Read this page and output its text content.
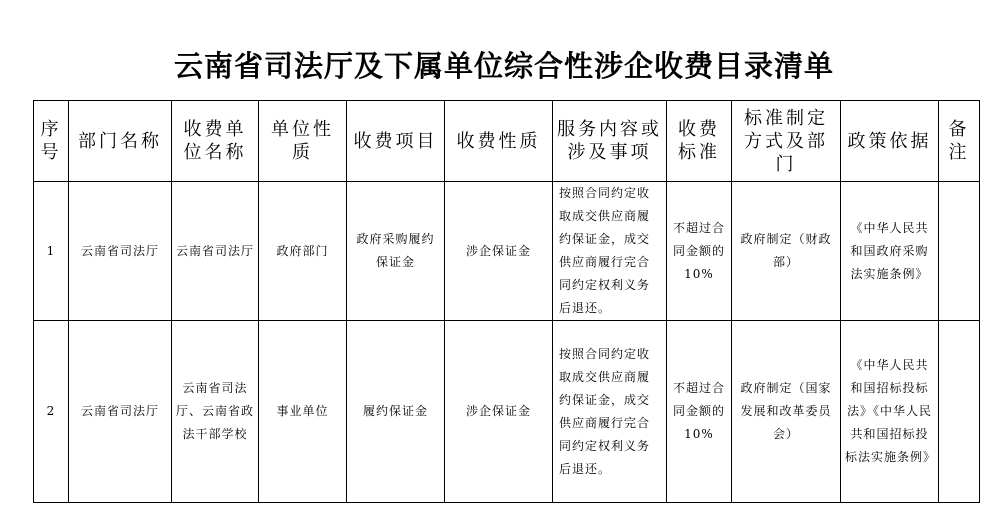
云南省司法厅及下属单位综合性涉企收费目录清单
序号	部门名称	收费单位名称	单位性质	收费项目	收费性质	服务内容或涉及事项	收费标准	标准制定方式及部门	政策依据	备注
1	云南省司法厅	云南省司法厅	政府部门	政府采购履约保证金	涉企保证金	按照合同约定收取成交供应商履约保证金，成交供应商履行完合同约定权利义务后退还。	不超过合同金额的10%	政府制定（财政部）	《中华人民共和国政府采购法实施条例》	
2	云南省司法厅	云南省司法厅、云南省政法干部学校	事业单位	履约保证金	涉企保证金	按照合同约定收取成交供应商履约保证金，成交供应商履行完合同约定权利义务后退还。	不超过合同金额的10%	政府制定（国家发展和改革委员会）	《中华人民共和国招标投标法》《中华人民共和国招标投标法实施条例》	
